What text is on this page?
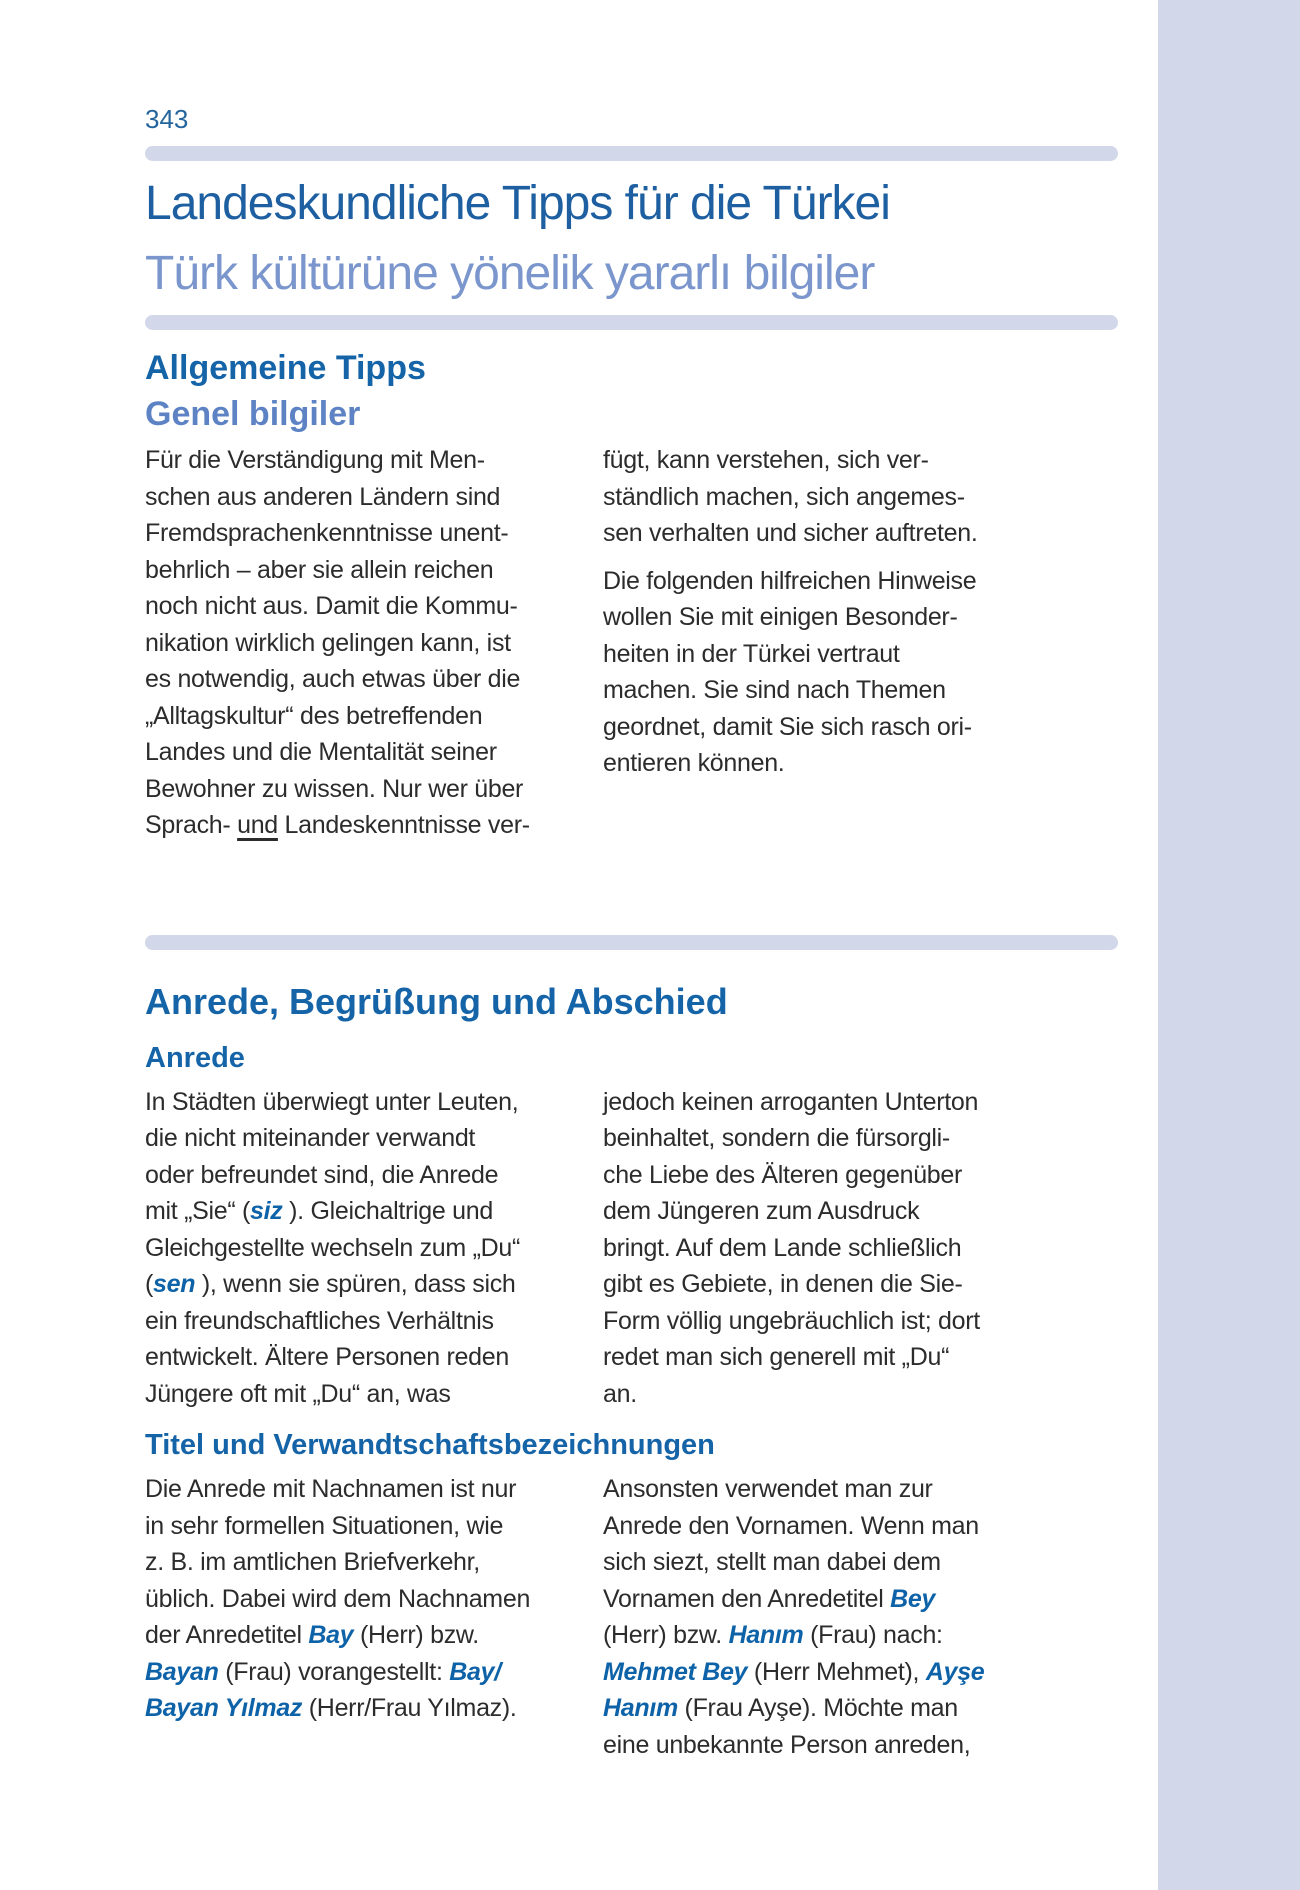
343
Landeskundliche Tipps für die Türkei
Türk kültürüne yönelik yararlı bilgiler
Allgemeine Tipps
Genel bilgiler

Für die Verständigung mit Men-
schen aus anderen Ländern sind
Fremdsprachenkenntnisse unent-
behrlich – aber sie allein reichen
noch nicht aus. Damit die Kommu-
nikation wirklich gelingen kann, ist
es notwendig, auch etwas über die
„Alltagskultur“ des betreffenden
Landes und die Mentalität seiner
Bewohner zu wissen. Nur wer über
Sprach- und Landeskenntnisse ver-

fügt, kann verstehen, sich ver-
ständlich machen, sich angemes-
sen verhalten und sicher auftreten.

Die folgenden hilfreichen Hinweise
wollen Sie mit einigen Besonder-
heiten in der Türkei vertraut
machen. Sie sind nach Themen
geordnet, damit Sie sich rasch ori-
entieren können.

Anrede, Begrüßung und Abschied
Anrede

In Städten überwiegt unter Leuten,
die nicht miteinander verwandt
oder befreundet sind, die Anrede
mit „Sie“ (siz ). Gleichaltrige und
Gleichgestellte wechseln zum „Du“
(sen ), wenn sie spüren, dass sich
ein freundschaftliches Verhältnis
entwickelt. Ältere Personen reden
Jüngere oft mit „Du“ an, was

jedoch keinen arroganten Unterton
beinhaltet, sondern die fürsorgli-
che Liebe des Älteren gegenüber
dem Jüngeren zum Ausdruck
bringt. Auf dem Lande schließlich
gibt es Gebiete, in denen die Sie-
Form völlig ungebräuchlich ist; dort
redet man sich generell mit „Du“
an.

Titel und Verwandtschaftsbezeichnungen

Die Anrede mit Nachnamen ist nur
in sehr formellen Situationen, wie
z. B. im amtlichen Briefverkehr,
üblich. Dabei wird dem Nachnamen
der Anredetitel Bay (Herr) bzw.
Bayan (Frau) vorangestellt: Bay/
Bayan Yılmaz (Herr/Frau Yılmaz).

Ansonsten verwendet man zur
Anrede den Vornamen. Wenn man
sich siezt, stellt man dabei dem
Vornamen den Anredetitel Bey
(Herr) bzw. Hanım (Frau) nach:
Mehmet Bey (Herr Mehmet), Ayşe
Hanım (Frau Ayşe). Möchte man
eine unbekannte Person anreden,
